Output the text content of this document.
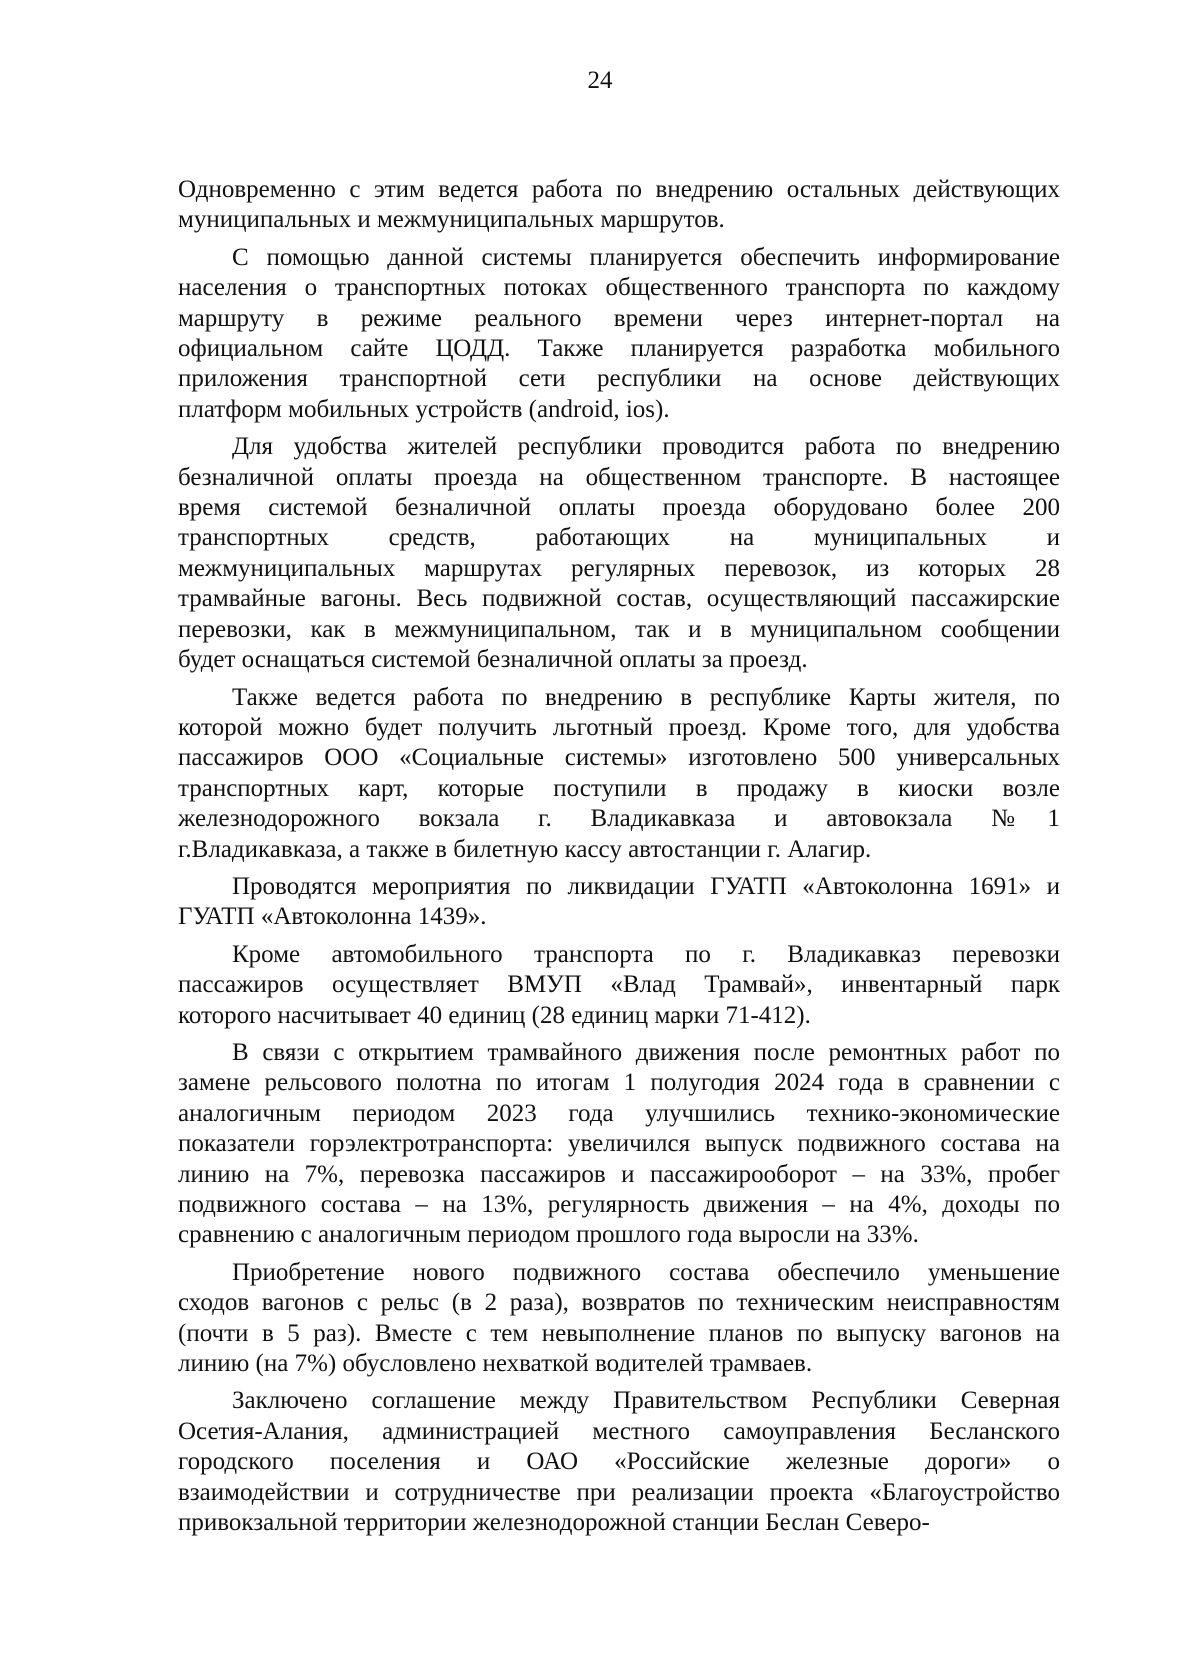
24

Одновременно с этим ведется работа по внедрению остальных действующих
муниципальных и межмуниципальных маршрутов.

С помощью данной системы планируется обеспечить информирование
населения о транспортных потоках общественного транспорта по каждому
маршруту в режиме реального времени через интернет-портал на
официальном сайте ЦОДД. Также планируется разработка мобильного
приложения транспортной сети республики на основе действующих
платформ мобильных устройств (android, ios).

Для удобства жителей республики проводится работа по внедрению
безналичной оплаты проезда на общественном транспорте. В настоящее
время системой безналичной оплаты проезда оборудовано более 200
транспортных средств, работающих на муниципальных и
межмуниципальных маршрутах регулярных перевозок, из которых 28
трамвайные вагоны. Весь подвижной состав, осуществляющий пассажирские
перевозки, как в межмуниципальном, так и в муниципальном сообщении
будет оснащаться системой безналичной оплаты за проезд.

Также ведется работа по внедрению в республике Карты жителя, по
которой можно будет получить льготный проезд. Кроме того, для удобства
пассажиров ООО «Социальные системы» изготовлено 500 универсальных
транспортных карт, которые поступили в продажу в киоски возле
железнодорожного вокзала г. Владикавказа и автовокзала №1
г.Владикавказа, а также в билетную кассу автостанции г. Алагир.

Проводятся мероприятия по ликвидации ГУАТП «Автоколонна 1691» и
ГУАТП «Автоколонна 1439».

Кроме автомобильного транспорта по г. Владикавказ перевозки
пассажиров осуществляет ВМУП «Влад Трамвай», инвентарный парк
которого насчитывает 40 единиц (28 единиц марки 71-412).

В связи с открытием трамвайного движения после ремонтных работ по
замене рельсового полотна по итогам 1 полугодия 2024 года в сравнении с
аналогичным периодом 2023 года улучшились технико-экономические
показатели горэлектротранспорта: увеличился выпуск подвижного состава на
линию на 7%, перевозка пассажиров и пассажирооборот – на 33%, пробег
подвижного состава – на 13%, регулярность движения – на 4%, доходы по
сравнению с аналогичным периодом прошлого года выросли на 33%.

Приобретение нового подвижного состава обеспечило уменьшение
сходов вагонов с рельс (в 2 раза), возвратов по техническим неисправностям
(почти в 5 раз). Вместе с тем невыполнение планов по выпуску вагонов на
линию (на 7%) обусловлено нехваткой водителей трамваев.

Заключено соглашение между Правительством Республики Северная
Осетия-Алания, администрацией местного самоуправления Бесланского
городского поселения и ОАО «Российские железные дороги» о
взаимодействии и сотрудничестве при реализации проекта «Благоустройство
привокзальной территории железнодорожной станции Беслан Северо-
